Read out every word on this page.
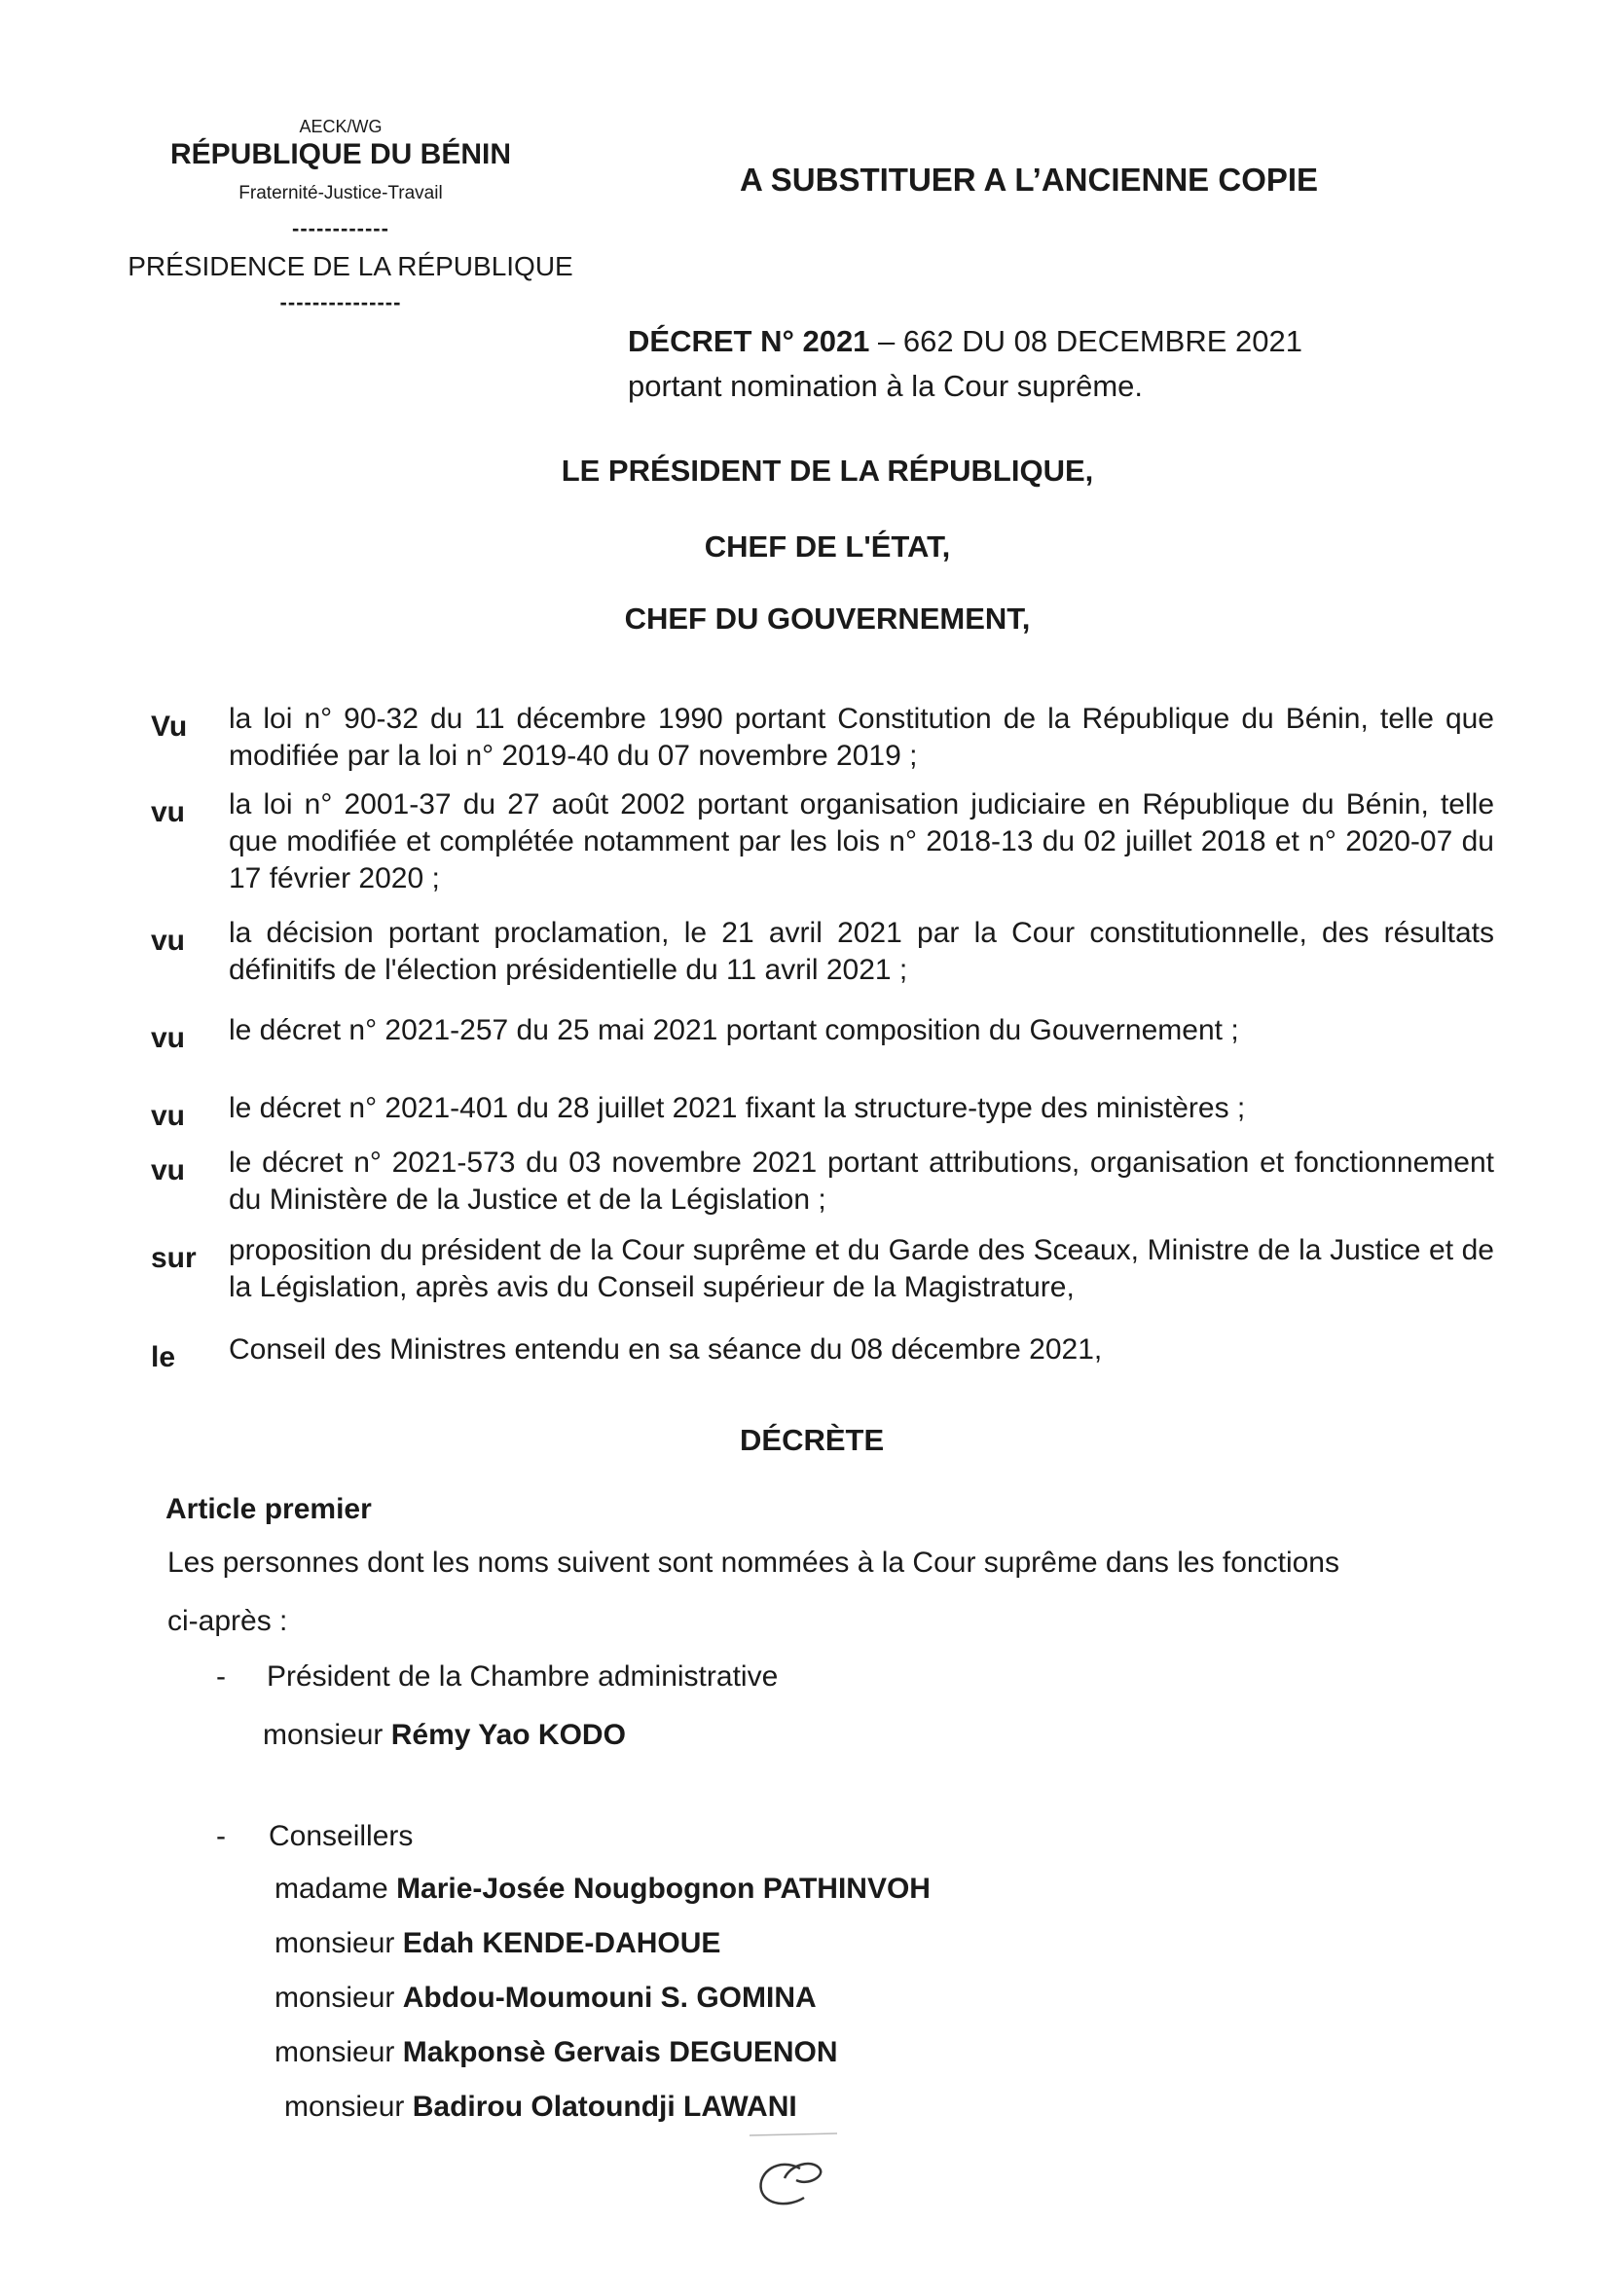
AECK/WG
RÉPUBLIQUE DU BÉNIN
Fraternité-Justice-Travail
------------
PRÉSIDENCE DE LA RÉPUBLIQUE
---------------
A SUBSTITUER A L’ANCIENNE COPIE
DÉCRET N° 2021 – 662 DU 08 DECEMBRE 2021
portant nomination à la Cour suprême.
LE PRÉSIDENT DE LA RÉPUBLIQUE,
CHEF DE L'ÉTAT,
CHEF DU GOUVERNEMENT,
Vu	la loi n° 90-32 du 11 décembre 1990 portant Constitution de la République du Bénin, telle que modifiée par la loi n° 2019-40 du 07 novembre 2019 ;
vu	la loi n° 2001-37 du 27 août 2002 portant organisation judiciaire en République du Bénin, telle que modifiée et complétée notamment par les lois n° 2018-13 du 02 juillet 2018 et n° 2020-07 du 17 février 2020 ;
vu	la décision portant proclamation, le 21 avril 2021 par la Cour constitutionnelle, des résultats définitifs de l'élection présidentielle du 11 avril 2021 ;
vu	le décret n° 2021-257 du 25 mai 2021 portant composition du Gouvernement ;
vu	le décret n° 2021-401 du 28 juillet 2021 fixant la structure-type des ministères ;
vu	le décret n° 2021-573 du 03 novembre 2021 portant attributions, organisation et fonctionnement du Ministère de la Justice et de la Législation ;
sur	proposition du président de la Cour suprême et du Garde des Sceaux, Ministre de la Justice et de la Législation, après avis du Conseil supérieur de la Magistrature,
le	Conseil des Ministres entendu en sa séance du 08 décembre 2021,
DÉCRÈTE
Article premier
Les personnes dont les noms suivent sont nommées à la Cour suprême dans les fonctions
ci-après :
- Président de la Chambre administrative
monsieur Rémy Yao KODO
- Conseillers
madame Marie-Josée Nougbognon PATHINVOH
monsieur Edah KENDE-DAHOUE
monsieur Abdou-Moumouni S. GOMINA
monsieur Makponsè Gervais DEGUENON
monsieur Badirou Olatoundji LAWANI
